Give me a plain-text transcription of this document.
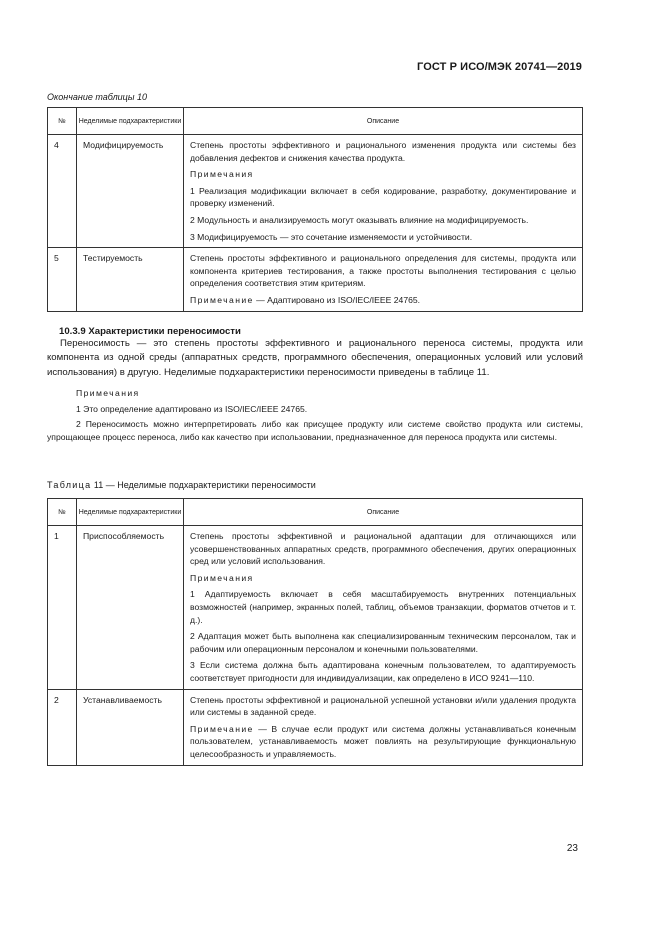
ГОСТ Р ИСО/МЭК 20741—2019
Окончание таблицы 10
№	Неделимые подхарактеристики	Описание
4	Модифицируемость	Степень простоты эффективного и рационального изменения продукта или системы без добавления дефектов и снижения качества продукта.

Примечания

1 Реализация модификации включает в себя кодирование, разработку, документирование и проверку изменений.

2 Модульность и анализируемость могут оказывать влияние на модифицируемость.

3 Модифицируемость — это сочетание изменяемости и устойчивости.

5	Тестируемость	Степень простоты эффективного и рационального определения для системы, продукта или компонента критериев тестирования, а также простоты выполнения тестирования с целью определения соответствия этим критериям.

Примечание — Адаптировано из ISO/IEC/IEEE 24765.

10.3.9 Характеристики переносимости

Переносимость — это степень простоты эффективного и рационального переноса системы, продукта или компонента из одной среды (аппаратных средств, программного обеспечения, операционных условий или условий использования) в другую. Неделимые подхарактеристики переносимости приведены в таблице 11.

Примечания

1 Это определение адаптировано из ISO/IEC/IEEE 24765.

2 Переносимость можно интерпретировать либо как присущее продукту или системе свойство продукта или системы, упрощающее процесс переноса, либо как качество при использовании, предназначенное для переноса продукта или системы.

Таблица 11 — Неделимые подхарактеристики переносимости
№	Неделимые подхарактеристики	Описание
1	Приспособляемость	Степень простоты эффективной и рациональной адаптации для отличающихся или усовершенствованных аппаратных средств, программного обеспечения, других операционных сред или условий использования.

Примечания

1 Адаптируемость включает в себя масштабируемость внутренних потенциальных возможностей (например, экранных полей, таблиц, объемов транзакции, форматов отчетов и т. д.).

2 Адаптация может быть выполнена как специализированным техническим персоналом, так и рабочим или операционным персоналом и конечными пользователями.

3 Если система должна быть адаптирована конечным пользователем, то адаптируемость соответствует пригодности для индивидуализации, как определено в ИСО 9241—110.

2	Устанавливаемость	Степень простоты эффективной и рациональной успешной установки и/или удаления продукта или системы в заданной среде.

Примечание — В случае если продукт или система должны устанавливаться конечным пользователем, устанавливаемость может повлиять на результирующие функциональную целесообразность и управляемость.

23
